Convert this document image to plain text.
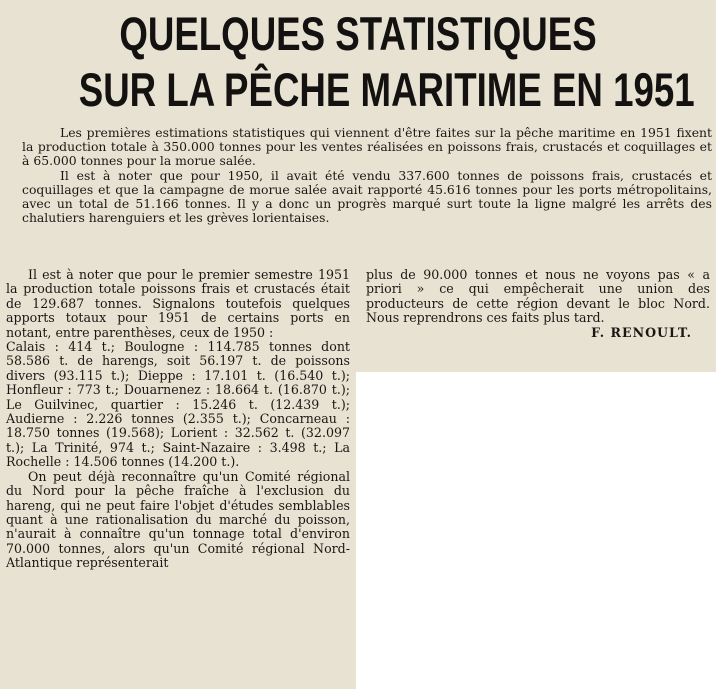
QUELQUES STATISTIQUES
SUR LA PÊCHE MARITIME EN 1951

Les premières estimations statistiques qui viennent d'être faites sur la pêche maritime en 1951 fixent la production totale à 350.000 tonnes pour les ventes réalisées en poissons frais, crustacés et coquillages et à 65.000 tonnes pour la morue salée.

Il est à noter que pour 1950, il avait été vendu 337.600 tonnes de poissons frais, crustacés et coquillages et que la campagne de morue salée avait rapporté 45.616 tonnes pour les ports métropolitains, avec un total de 51.166 tonnes. Il y a donc un progrès marqué surt toute la ligne malgré les arrêts des chalutiers harenguiers et les grèves lorientaises.

Il est à noter que pour le premier semestre 1951 la production totale poissons frais et crustacés était de 129.687 tonnes. Signalons toutefois quelques apports totaux pour 1951 de certains ports en notant, entre parenthèses, ceux de 1950 :

Calais : 414 t.; Boulogne : 114.785 tonnes dont 58.586 t. de harengs, soit 56.197 t. de poissons divers (93.115 t.); Dieppe : 17.101 t. (16.540 t.); Honfleur : 773 t.; Douarnenez : 18.664 t. (16.870 t.); Le Guilvinec, quartier : 15.246 t. (12.439 t.); Audierne : 2.226 tonnes (2.355 t.); Concarneau : 18.750 tonnes (19.568); Lorient : 32.562 t. (32.097 t.); La Trinité, 974 t.; Saint-Nazaire : 3.498 t.; La Rochelle : 14.506 tonnes (14.200 t.).

On peut déjà reconnaître qu'un Comité régional du Nord pour la pêche fraîche à l'exclusion du hareng, qui ne peut faire l'objet d'études semblables quant à une rationalisation du marché du poisson, n'aurait à connaître qu'un tonnage total d'environ 70.000 tonnes, alors qu'un Comité régional Nord-Atlantique représenterait

plus de 90.000 tonnes et nous ne voyons pas « a priori » ce qui empêcherait une union des producteurs de cette région devant le bloc Nord. Nous reprendrons ces faits plus tard.

F. RENOULT.
